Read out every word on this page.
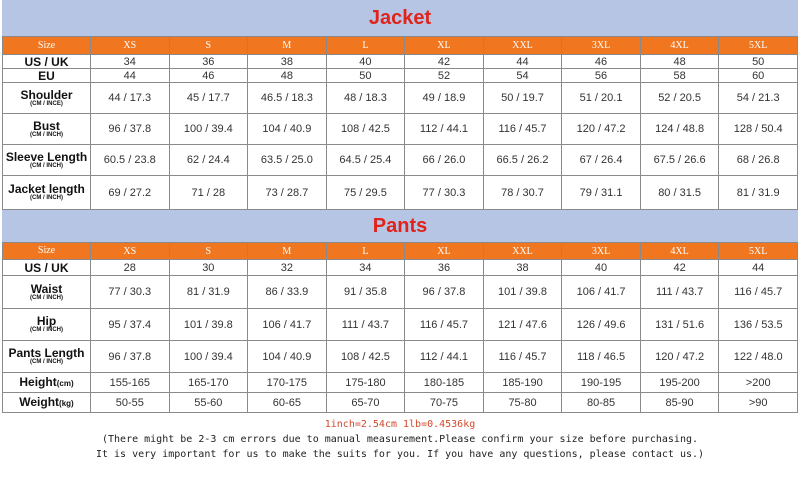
Jacket
Size	XS	S	M	L	XL	XXL	3XL	4XL	5XL
US / UK	34	36	38	40	42	44	46	48	50
EU	44	46	48	50	52	54	56	58	60
Shoulder
(CM / INCE)	44 / 17.3	45 / 17.7	46.5 / 18.3	48 / 18.3	49 / 18.9	50 / 19.7	51 / 20.1	52 / 20.5	54 / 21.3
Bust
(CM / INCH)	96 / 37.8	100 / 39.4	104 / 40.9	108 / 42.5	112 / 44.1	116 / 45.7	120 / 47.2	124 / 48.8	128 / 50.4
Sleeve Length
(CM / INCH)	60.5 / 23.8	62 / 24.4	63.5 / 25.0	64.5 / 25.4	66 / 26.0	66.5 / 26.2	67 / 26.4	67.5 / 26.6	68 / 26.8
Jacket length
(CM / INCH)	69 / 27.2	71 / 28	73 / 28.7	75 / 29.5	77 / 30.3	78 / 30.7	79 / 31.1	80 / 31.5	81 / 31.9
Pants
Size	XS	S	M	L	XL	XXL	3XL	4XL	5XL
US / UK	28	30	32	34	36	38	40	42	44
Waist
(CM / INCH)	77 / 30.3	81 / 31.9	86 / 33.9	91 / 35.8	96 / 37.8	101 / 39.8	106 / 41.7	111 / 43.7	116 / 45.7
Hip
(CM / INCH)	95 / 37.4	101 / 39.8	106 / 41.7	111 / 43.7	116 / 45.7	121 / 47.6	126 / 49.6	131 / 51.6	136 / 53.5
Pants Length
(CM / INCH)	96 / 37.8	100 / 39.4	104 / 40.9	108 / 42.5	112 / 44.1	116 / 45.7	118 / 46.5	120 / 47.2	122 / 48.0
Height(cm)	155-165	165-170	170-175	175-180	180-185	185-190	190-195	195-200	>200
Weight(kg)	50-55	55-60	60-65	65-70	70-75	75-80	80-85	85-90	>90
1inch=2.54cm 1lb=0.4536kg
(There might be 2-3 cm errors due to manual measurement.Please confirm your size before purchasing.
It is very important for us to make the suits for you. If you have any questions, please contact us.)
